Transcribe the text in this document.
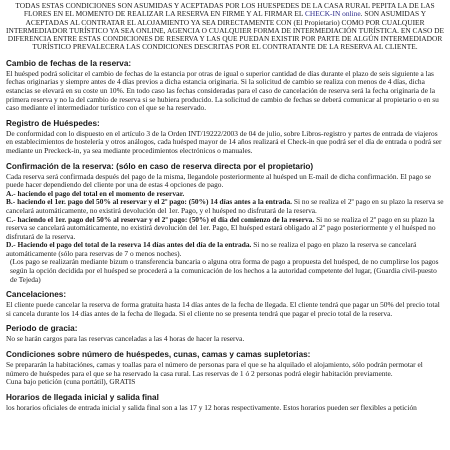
TODAS ESTAS CONDICIONES SON ASUMIDAS Y ACEPTADAS POR LOS HUESPEDES DE LA CASA RURAL PEPITA LA DE LAS FLORES EN EL MOMENTO DE REALIZAR LA RESERVA EN FIRME Y AL FIRMAR EL CHECK-IN online. SON ASUMIDAS Y ACEPTADAS AL CONTRATAR EL ALOJAMIENTO YA SEA DIRECTAMENTE CON (El Propietario) COMO POR CUALQUIER INTERMEDIADOR TURÍSTICO YA SEA ONLINE, AGENCIA O CUALQUIER FORMA DE INTERMEDIACIÓN TURÍSTICA. EN CASO DE DIFERENCIA ENTRE ESTAS CONDICIONES DE RESERVA Y LAS QUE PUEDAN EXISTIR POR PARTE DE ALGÚN INTERMEDIADOR TURÍSTICO PREVALECERA LAS CONDICIONES DESCRITAS POR EL CONTRATANTE DE LA RESERVA AL CLIENTE.

Cambio de fechas de la reserva:

El huésped podrá solicitar el cambio de fechas de la estancia por otras de igual o superior cantidad de días durante el plazo de seis siguiente a las fechas originarias y siempre antes de 4 días previos a dicha estancia originaria. Si la solicitud de cambio se realiza con menos de 4 días, dicha estancias se elevará en su coste un 10%. En todo caso las fechas consideradas para el caso de cancelación de reserva será la fecha originaria de la primera reserva y no la del cambio de reserva si se hubiera producido. La solicitud de cambio de fechas se deberá comunicar al propietario o en su caso mediante el intermediador turístico con el que se ha reservado.

Registro de Huéspedes:

De conformidad con lo dispuesto en el artículo 3 de la Orden INT/19222/2003 de 04 de julio, sobre Libros-registro y partes de entrada de viajeros en establecimientos de hostelería y otros análogos, cada huésped mayor de 14 años realizará el Check-in que podrá ser el día de entrada o podrá ser mediante un Preckeck-in, ya sea mediante procedimientos electrónicos o manuales.

Confirmación de la reserva: (sólo en caso de reserva directa por el propietario)

Cada reserva será confirmada después del pago de la misma, llegandole posteriormente al huésped un E-mail de dicha confirmación. El pago se puede hacer dependiendo del cliente por una de estas 4 opciones de pago.

A.- haciendo el pago del total en el momento de reservar.

B.- haciendo el 1er. pago del 50% al reservar y el 2º pago: (50%) 14 días antes a la entrada. Si no se realiza el 2º pago en su plazo la reserva se cancelará automáticamente, no existirá devolución del 1er. Pago, y el huésped no disfrutará de la reserva.

C.- haciendo el 1er. pago del 50% al reservar y el 2º pago: (50%) el día del comienzo de la reserva. Si no se realiza el 2º pago en su plazo la reserva se cancelará automáticamente, no existirá devolución del 1er. Pago, El huésped estará obligado al 2º pago posteriormente y el huésped no disfrutará de la reserva.

D.- Haciendo el pago del total de la reserva 14 días antes del día de la entrada. Si no se realiza el pago en plazo la reserva se cancelará automáticamente (sólo para reservas de 7 o menos noches).

(Los pago se realizarán mediante bizum o transferencia bancaria o alguna otra forma de pago a propuesta del huésped, de no cumplirse los pagos según la opción decidida por el huésped se procederá a la comunicación de los hechos a la autoridad competente del lugar, (Guardia civil-puesto de Tejeda)

Cancelaciones:

El cliente puede cancelar la reserva de forma gratuita hasta 14 días antes de la fecha de llegada. El cliente tendrá que pagar un 50% del precio total si cancela durante los 14 días antes de la fecha de llegada. Si el cliente no se presenta tendrá que pagar el precio total de la reserva.

Periodo de gracia:

No se harán cargos para las reservas canceladas a las 4 horas de hacer la reserva.

Condiciones sobre número de huéspedes, cunas, camas y camas supletorias:

Se prepararán la habitaciónes, camas y toallas para el número de personas para el que se ha alquilado el alojamiento, sólo podrán permotar el número de huéspedes para el que se ha reservado la casa rural. Las reservas de 1 ó 2 personas podrá elegir habitación previamente.

Cuna bajo petición (cuna portátil), GRATIS

Horarios de llegada inicial y salida final

los horarios oficiales de entrada inicial y salida final son a las 17 y 12 horas respectivamente. Estos horarios pueden ser flexibles a petición
